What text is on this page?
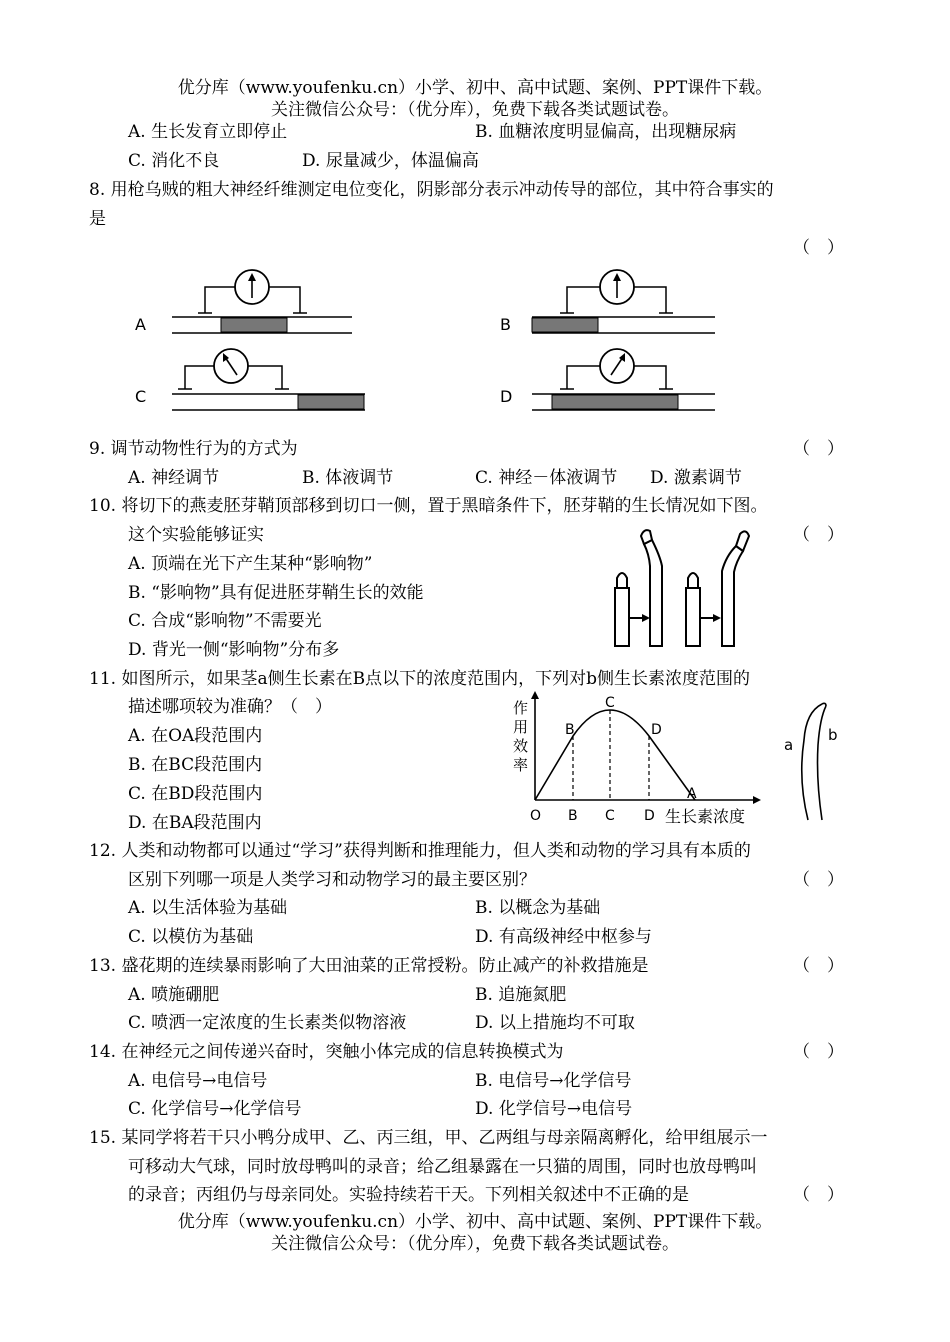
优分库（www.youfenku.cn）小学、初中、高中试题、案例、PPT课件下载。
关注微信公众号：（优分库），免费下载各类试题试卷。
A. 生长发育立即停止	B. 血糖浓度明显偏高，出现糖尿病
C. 消化不良	D. 尿量减少，体温偏高
8. 用枪乌贼的粗大神经纤维测定电位变化，阴影部分表示冲动传导的部位，其中符合事实的
是
（　）
A	B
C	D
9. 调节动物性行为的方式为	（　）
A. 神经调节	B. 体液调节	C. 神经－体液调节 D. 激素调节
10. 将切下的燕麦胚芽鞘顶部移到切口一侧，置于黑暗条件下，胚芽鞘的生长情况如下图。
这个实验能够证实	（　）
A. 顶端在光下产生某种“影响物”
B. “影响物”具有促进胚芽鞘生长的效能
C. 合成“影响物”不需要光
D. 背光一侧“影响物”分布多
11. 如图所示，如果茎a侧生长素在B点以下的浓度范围内，下列对b侧生长素浓度范围的
描述哪项较为准确？（　）
A. 在OA段范围内
B. 在BC段范围内
C. 在BD段范围内
D. 在BA段范围内
作
用
效
率
B
C
D
A
O B C D 生长素浓度
a
b
12. 人类和动物都可以通过“学习”获得判断和推理能力，但人类和动物的学习具有本质的
区别下列哪一项是人类学习和动物学习的最主要区别？	（　）
A. 以生活体验为基础	B. 以概念为基础
C. 以模仿为基础	D. 有高级神经中枢参与
13. 盛花期的连续暴雨影响了大田油菜的正常授粉。防止减产的补救措施是	（　）
A. 喷施硼肥	B. 追施氮肥
C. 喷洒一定浓度的生长素类似物溶液	D. 以上措施均不可取
14. 在神经元之间传递兴奋时，突触小体完成的信息转换模式为	（　）
A. 电信号→电信号	B. 电信号→化学信号
C. 化学信号→化学信号	D. 化学信号→电信号
15. 某同学将若干只小鸭分成甲、乙、丙三组，甲、乙两组与母亲隔离孵化，给甲组展示一
可移动大气球，同时放母鸭叫的录音；给乙组暴露在一只猫的周围，同时也放母鸭叫
的录音；丙组仍与母亲同处。实验持续若干天。下列相关叙述中不正确的是	（　）
优分库（www.youfenku.cn）小学、初中、高中试题、案例、PPT课件下载。
关注微信公众号：（优分库），免费下载各类试题试卷。
